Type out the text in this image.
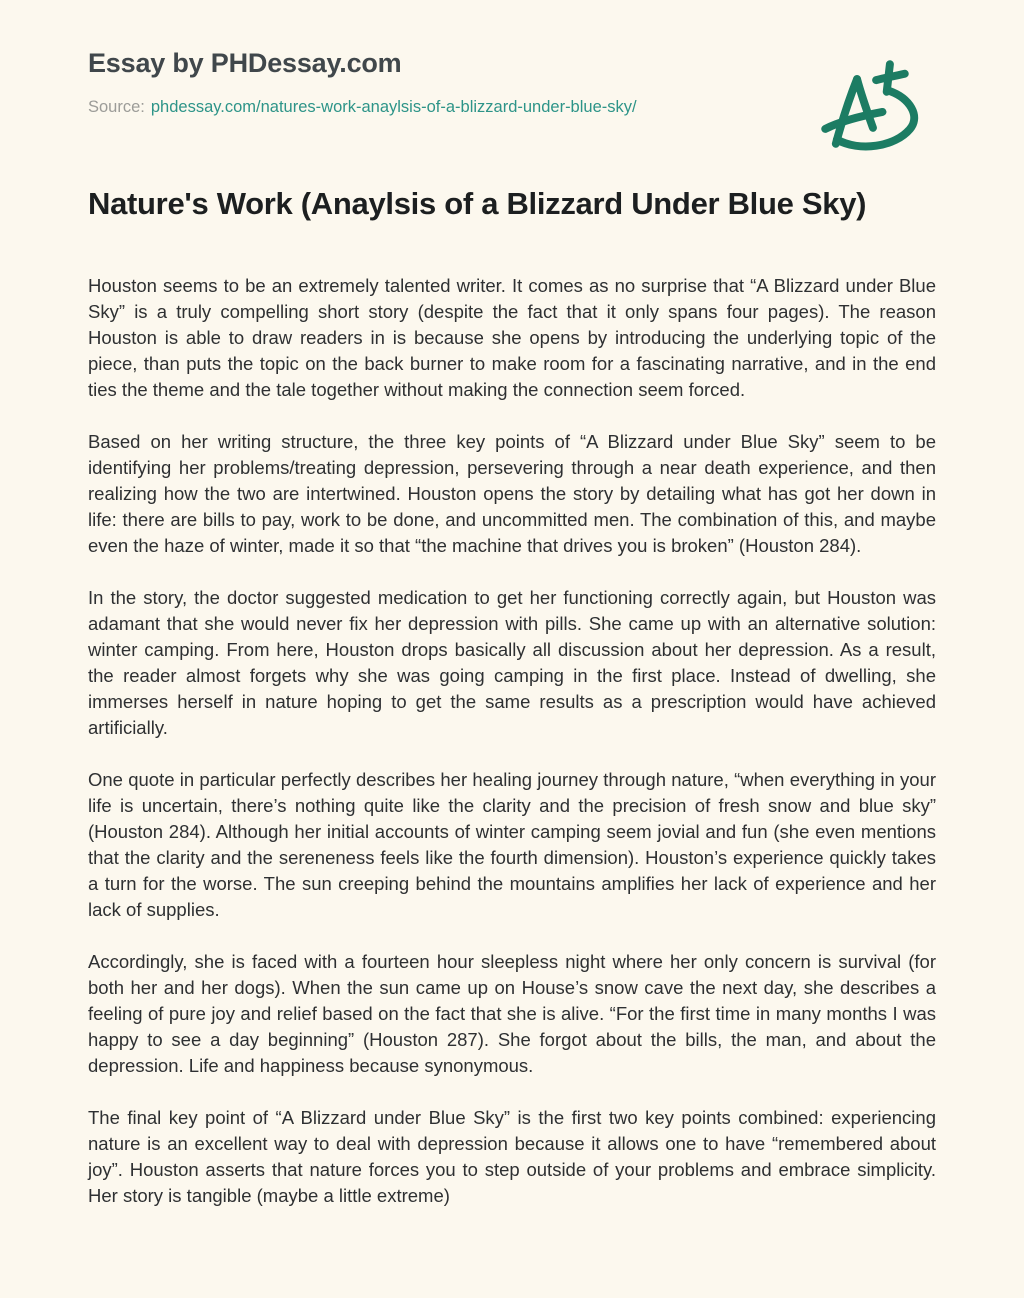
Essay by PHDessay.com
Source: phdessay.com/natures-work-anaylsis-of-a-blizzard-under-blue-sky/
Nature's Work (Anaylsis of a Blizzard Under Blue Sky)

Houston seems to be an extremely talented writer. It comes as no surprise that “A Blizzard under Blue Sky” is a truly compelling short story (despite the fact that it only spans four pages). The reason Houston is able to draw readers in is because she opens by introducing the underlying topic of the piece, than puts the topic on the back burner to make room for a fascinating narrative, and in the end ties the theme and the tale together without making the connection seem forced.

Based on her writing structure, the three key points of “A Blizzard under Blue Sky” seem to be identifying her problems/treating depression, persevering through a near death experience, and then realizing how the two are intertwined. Houston opens the story by detailing what has got her down in life: there are bills to pay, work to be done, and uncommitted men. The combination of this, and maybe even the haze of winter, made it so that “the machine that drives you is broken” (Houston 284).

In the story, the doctor suggested medication to get her functioning correctly again, but Houston was adamant that she would never fix her depression with pills. She came up with an alternative solution: winter camping. From here, Houston drops basically all discussion about her depression. As a result, the reader almost forgets why she was going camping in the first place. Instead of dwelling, she immerses herself in nature hoping to get the same results as a prescription would have achieved artificially.

One quote in particular perfectly describes her healing journey through nature, “when everything in your life is uncertain, there’s nothing quite like the clarity and the precision of fresh snow and blue sky” (Houston 284). Although her initial accounts of winter camping seem jovial and fun (she even mentions that the clarity and the sereneness feels like the fourth dimension). Houston’s experience quickly takes a turn for the worse. The sun creeping behind the mountains amplifies her lack of experience and her lack of supplies.

Accordingly, she is faced with a fourteen hour sleepless night where her only concern is survival (for both her and her dogs). When the sun came up on House’s snow cave the next day, she describes a feeling of pure joy and relief based on the fact that she is alive. “For the first time in many months I was happy to see a day beginning” (Houston 287). She forgot about the bills, the man, and about the depression. Life and happiness because synonymous.

The final key point of “A Blizzard under Blue Sky” is the first two key points combined: experiencing nature is an excellent way to deal with depression because it allows one to have “remembered about joy”. Houston asserts that nature forces you to step outside of your problems and embrace simplicity. Her story is tangible (maybe a little extreme)
